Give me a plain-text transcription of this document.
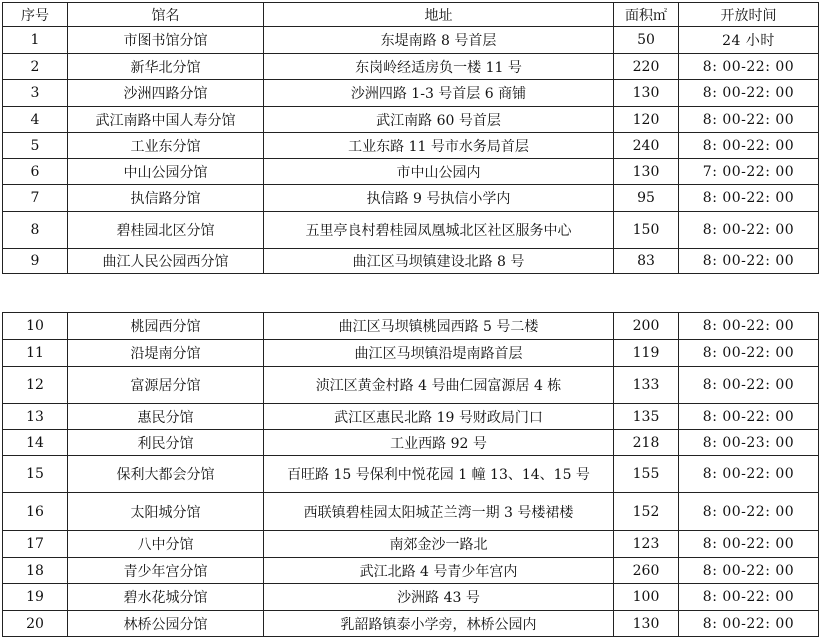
序号	馆名	地址	面积㎡	开放时间
1	市图书馆分馆	东堤南路 8 号首层	50	24 小时
2	新华北分馆	东岗岭经适房负一楼 11 号	220	8: 00-22: 00
3	沙洲四路分馆	沙洲四路 1-3 号首层 6 商铺	130	8: 00-22: 00
4	武江南路中国人寿分馆	武江南路 60 号首层	120	8: 00-22: 00
5	工业东分馆	工业东路 11 号市水务局首层	240	8: 00-22: 00
6	中山公园分馆	市中山公园内	130	7: 00-22: 00
7	执信路分馆	执信路 9 号执信小学内	95	8: 00-22: 00
8	碧桂园北区分馆	五里亭良村碧桂园凤凰城北区社区服务中心	150	8: 00-22: 00
9	曲江人民公园西分馆	曲江区马坝镇建设北路 8 号	83	8: 00-22: 00
10	桃园西分馆	曲江区马坝镇桃园西路 5 号二楼	200	8: 00-22: 00
11	沿堤南分馆	曲江区马坝镇沿堤南路首层	119	8: 00-22: 00
12	富源居分馆	浈江区黄金村路 4 号曲仁园富源居 4 栋	133	8: 00-22: 00
13	惠民分馆	武江区惠民北路 19 号财政局门口	135	8: 00-22: 00
14	利民分馆	工业西路 92 号	218	8: 00-23: 00
15	保利大都会分馆	百旺路 15 号保利中悦花园 1 幢 13、14、15 号	155	8: 00-22: 00
16	太阳城分馆	西联镇碧桂园太阳城芷兰湾一期 3 号楼裙楼	152	8: 00-22: 00
17	八中分馆	南郊金沙一路北	123	8: 00-22: 00
18	青少年宫分馆	武江北路 4 号青少年宫内	260	8: 00-22: 00
19	碧水花城分馆	沙洲路 43 号	100	8: 00-22: 00
20	林桥公园分馆	乳韶路镇泰小学旁，林桥公园内	130	8: 00-22: 00
